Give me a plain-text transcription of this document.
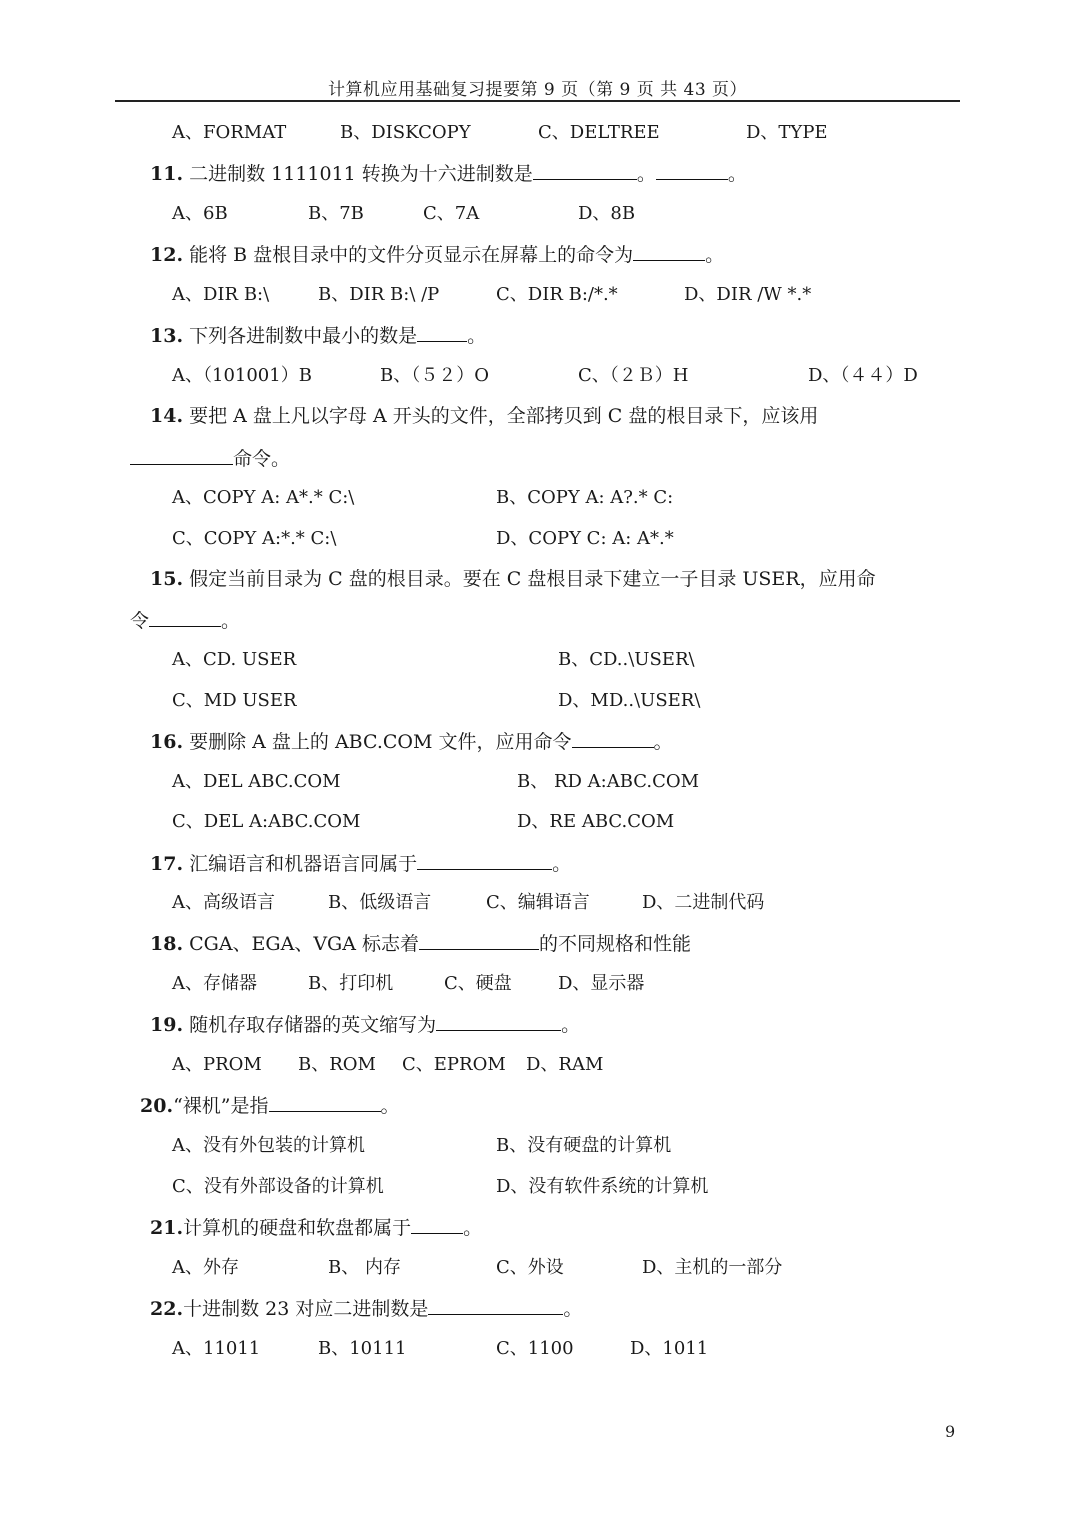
计算机应用基础复习提要第 9 页（第 9 页 共 43 页）
A、FORMAT	B、DISKCOPY	C、DELTREE	D、TYPE
11. 二进制数 1111011 转换为十六进制数是	。	。
A、6B	B、7B	C、7A	D、8B
12. 能将 B 盘根目录中的文件分页显示在屏幕上的命令为	。
A、DIR B:\	B、DIR B:\ /P	C、DIR B:/*.*	D、DIR /W *.*
13. 下列各进制数中最小的数是	。
A、（101001）B	B、（５２）O	C、（２Ｂ）H	D、（４４）D
14. 要把 A 盘上凡以字母 A 开头的文件，全部拷贝到 C 盘的根目录下，应该用
命令。
A、COPY A: A*.* C:\	B、COPY A: A?.* C:
C、COPY A:*.* C:\	D、COPY C: A: A*.*
15. 假定当前目录为 C 盘的根目录。要在 C 盘根目录下建立一子目录 USER，应用命
令	。
A、CD. USER	B、CD..\USER\
C、MD USER	D、MD..\USER\
16. 要删除 A 盘上的 ABC.COM 文件，应用命令	。
A、DEL ABC.COM	B、 RD A:ABC.COM
C、DEL A:ABC.COM	D、RE ABC.COM
17. 汇编语言和机器语言同属于	。
A、高级语言	B、低级语言	C、编辑语言	D、二进制代码
18. CGA、EGA、VGA 标志着	的不同规格和性能
A、存储器	B、打印机	C、硬盘	D、显示器
19. 随机存取存储器的英文缩写为	。
A、PROM B、ROM C、EPROM D、RAM
20.“裸机”是指	。
A、没有外包装的计算机	B、没有硬盘的计算机
C、没有外部设备的计算机	D、没有软件系统的计算机
21.计算机的硬盘和软盘都属于	。
A、外存	B、 内存	C、外设	D、主机的一部分
22.十进制数 23 对应二进制数是	。
A、11011	B、10111	C、1100	D、1011
9
